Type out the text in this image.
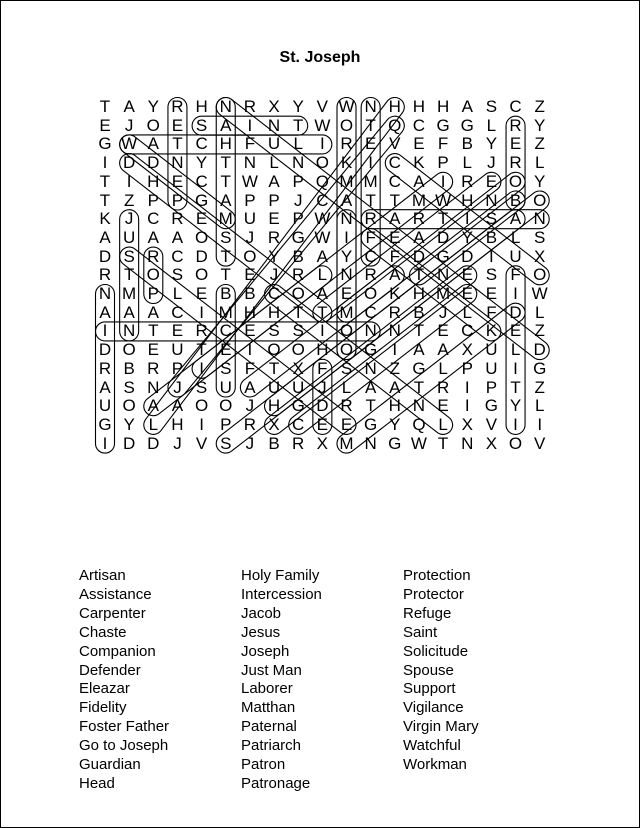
St. Joseph
T A Y R H N R X Y V W N H H H A S C Z
E J O E S A I N T W O T Q C G G L R Y
G W A T C H F U L	I R E V E F B Y E Z
I D D N Y T N L N O K I C K P L J R L
T I H E C T W A P Q M M C A I R E O Y
T Z P P G A P P J C A T T M W H N B O
K J C R E M U E P W N R A R T I S A N
A U A A O S J R G W I F E A D Y B L S
D S R C D T O Y B A Y C F D G D I U X
R T O S O T E J R L N R A T N E S F O
N M P L E B B C O A E O K H M E E I W
A A A C I M H H T T M C R B J L F D L
I N T E R C E S S I O N N T E C K E Z
D O E U T E I O O H O G I A A X U L D
R B R P I S F T X F S N Z G L P U I G
A S N J S U A U U J L A A T R I P T Z
U O A A O O J H G D R T H N E I G Y L
G Y L H I P R X C E E G Y Q L X V I	I
I D D J V S J B R X M N G W T N X O V
Artisan
Assistance
Carpenter
Chaste
Companion
Defender
Eleazar
Fidelity
Foster Father
Go to Joseph
Guardian
Head
Holy Family
Intercession
Jacob
Jesus
Joseph
Just Man
Laborer
Matthan
Paternal
Patriarch
Patron
Patronage
Protection
Protector
Refuge
Saint
Solicitude
Spouse
Support
Vigilance
Virgin Mary
Watchful
Workman
